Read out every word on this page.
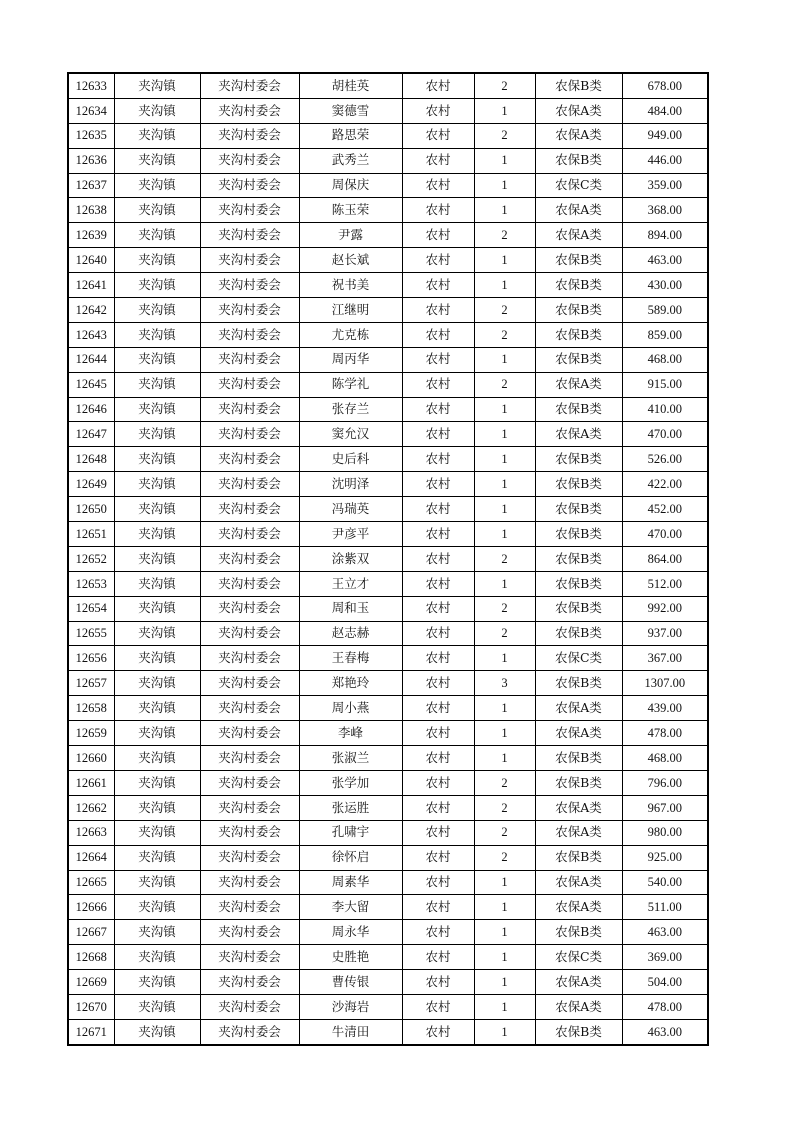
12633	夹沟镇	夹沟村委会	胡桂英	农村	2	农保B类	678.00
12634	夹沟镇	夹沟村委会	窦德雪	农村	1	农保A类	484.00
12635	夹沟镇	夹沟村委会	路思荣	农村	2	农保A类	949.00
12636	夹沟镇	夹沟村委会	武秀兰	农村	1	农保B类	446.00
12637	夹沟镇	夹沟村委会	周保庆	农村	1	农保C类	359.00
12638	夹沟镇	夹沟村委会	陈玉荣	农村	1	农保A类	368.00
12639	夹沟镇	夹沟村委会	尹露	农村	2	农保A类	894.00
12640	夹沟镇	夹沟村委会	赵长斌	农村	1	农保B类	463.00
12641	夹沟镇	夹沟村委会	祝书美	农村	1	农保B类	430.00
12642	夹沟镇	夹沟村委会	江继明	农村	2	农保B类	589.00
12643	夹沟镇	夹沟村委会	尤克栋	农村	2	农保B类	859.00
12644	夹沟镇	夹沟村委会	周丙华	农村	1	农保B类	468.00
12645	夹沟镇	夹沟村委会	陈学礼	农村	2	农保A类	915.00
12646	夹沟镇	夹沟村委会	张存兰	农村	1	农保B类	410.00
12647	夹沟镇	夹沟村委会	窦允汉	农村	1	农保A类	470.00
12648	夹沟镇	夹沟村委会	史后科	农村	1	农保B类	526.00
12649	夹沟镇	夹沟村委会	沈明泽	农村	1	农保B类	422.00
12650	夹沟镇	夹沟村委会	冯瑞英	农村	1	农保B类	452.00
12651	夹沟镇	夹沟村委会	尹彦平	农村	1	农保B类	470.00
12652	夹沟镇	夹沟村委会	涂紫双	农村	2	农保B类	864.00
12653	夹沟镇	夹沟村委会	王立才	农村	1	农保B类	512.00
12654	夹沟镇	夹沟村委会	周和玉	农村	2	农保B类	992.00
12655	夹沟镇	夹沟村委会	赵志赫	农村	2	农保B类	937.00
12656	夹沟镇	夹沟村委会	王春梅	农村	1	农保C类	367.00
12657	夹沟镇	夹沟村委会	郑艳玲	农村	3	农保B类	1307.00
12658	夹沟镇	夹沟村委会	周小燕	农村	1	农保A类	439.00
12659	夹沟镇	夹沟村委会	李峰	农村	1	农保A类	478.00
12660	夹沟镇	夹沟村委会	张淑兰	农村	1	农保B类	468.00
12661	夹沟镇	夹沟村委会	张学加	农村	2	农保B类	796.00
12662	夹沟镇	夹沟村委会	张运胜	农村	2	农保A类	967.00
12663	夹沟镇	夹沟村委会	孔啸宇	农村	2	农保A类	980.00
12664	夹沟镇	夹沟村委会	徐怀启	农村	2	农保B类	925.00
12665	夹沟镇	夹沟村委会	周素华	农村	1	农保A类	540.00
12666	夹沟镇	夹沟村委会	李大留	农村	1	农保A类	511.00
12667	夹沟镇	夹沟村委会	周永华	农村	1	农保B类	463.00
12668	夹沟镇	夹沟村委会	史胜艳	农村	1	农保C类	369.00
12669	夹沟镇	夹沟村委会	曹传银	农村	1	农保A类	504.00
12670	夹沟镇	夹沟村委会	沙海岩	农村	1	农保A类	478.00
12671	夹沟镇	夹沟村委会	牛清田	农村	1	农保B类	463.00
